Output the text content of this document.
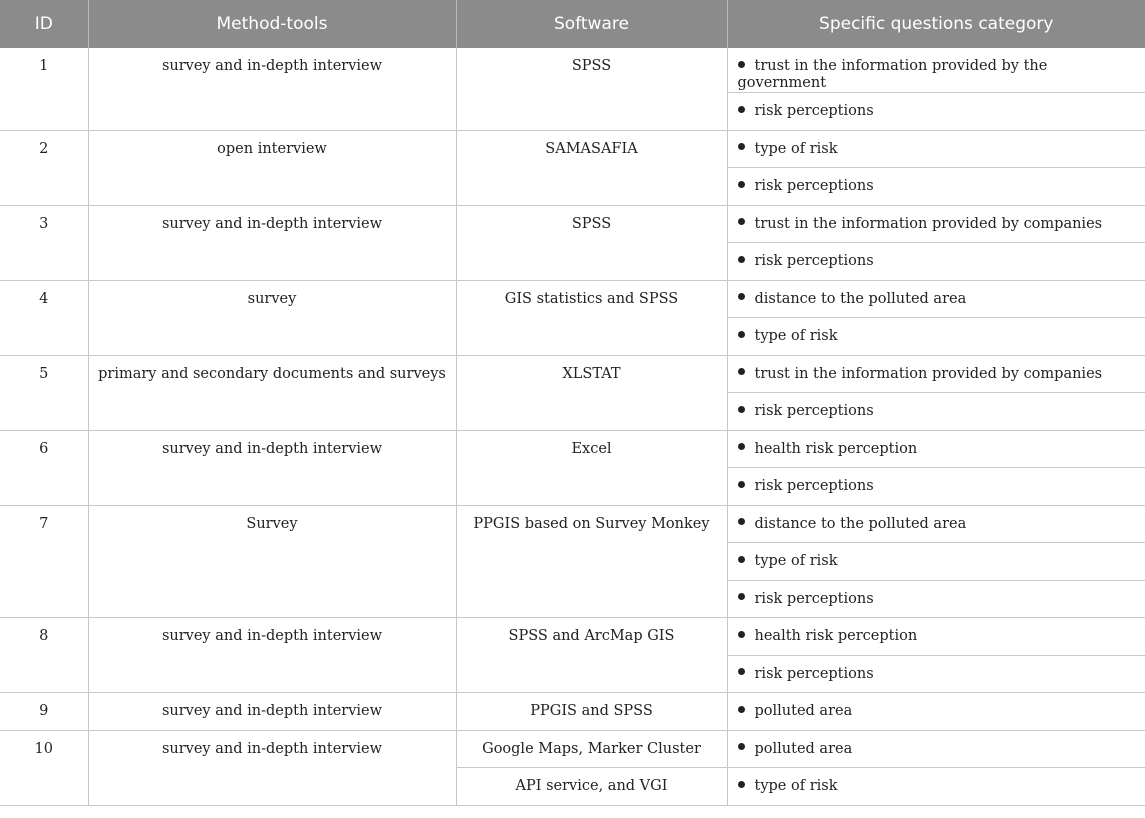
ID	Method-tools	Software	Specific questions category
1	survey and in-depth interview	SPSS	trust in the information provided by the government
			risk perceptions
2	open interview	SAMASAFIA	type of risk
			risk perceptions
3	survey and in-depth interview	SPSS	trust in the information provided by companies
			risk perceptions
4	survey	GIS statistics and SPSS	distance to the polluted area
			type of risk
5	primary and secondary documents and surveys	XLSTAT	trust in the information provided by companies
			risk perceptions
6	survey and in-depth interview	Excel	health risk perception
			risk perceptions
7	Survey	PPGIS based on Survey Monkey	distance to the polluted area
			type of risk
			risk perceptions
8	survey and in-depth interview	SPSS and ArcMap GIS	health risk perception
			risk perceptions
9	survey and in-depth interview	PPGIS and SPSS	polluted area
10	survey and in-depth interview	Google Maps, Marker Cluster	polluted area
		API service, and VGI	type of risk
